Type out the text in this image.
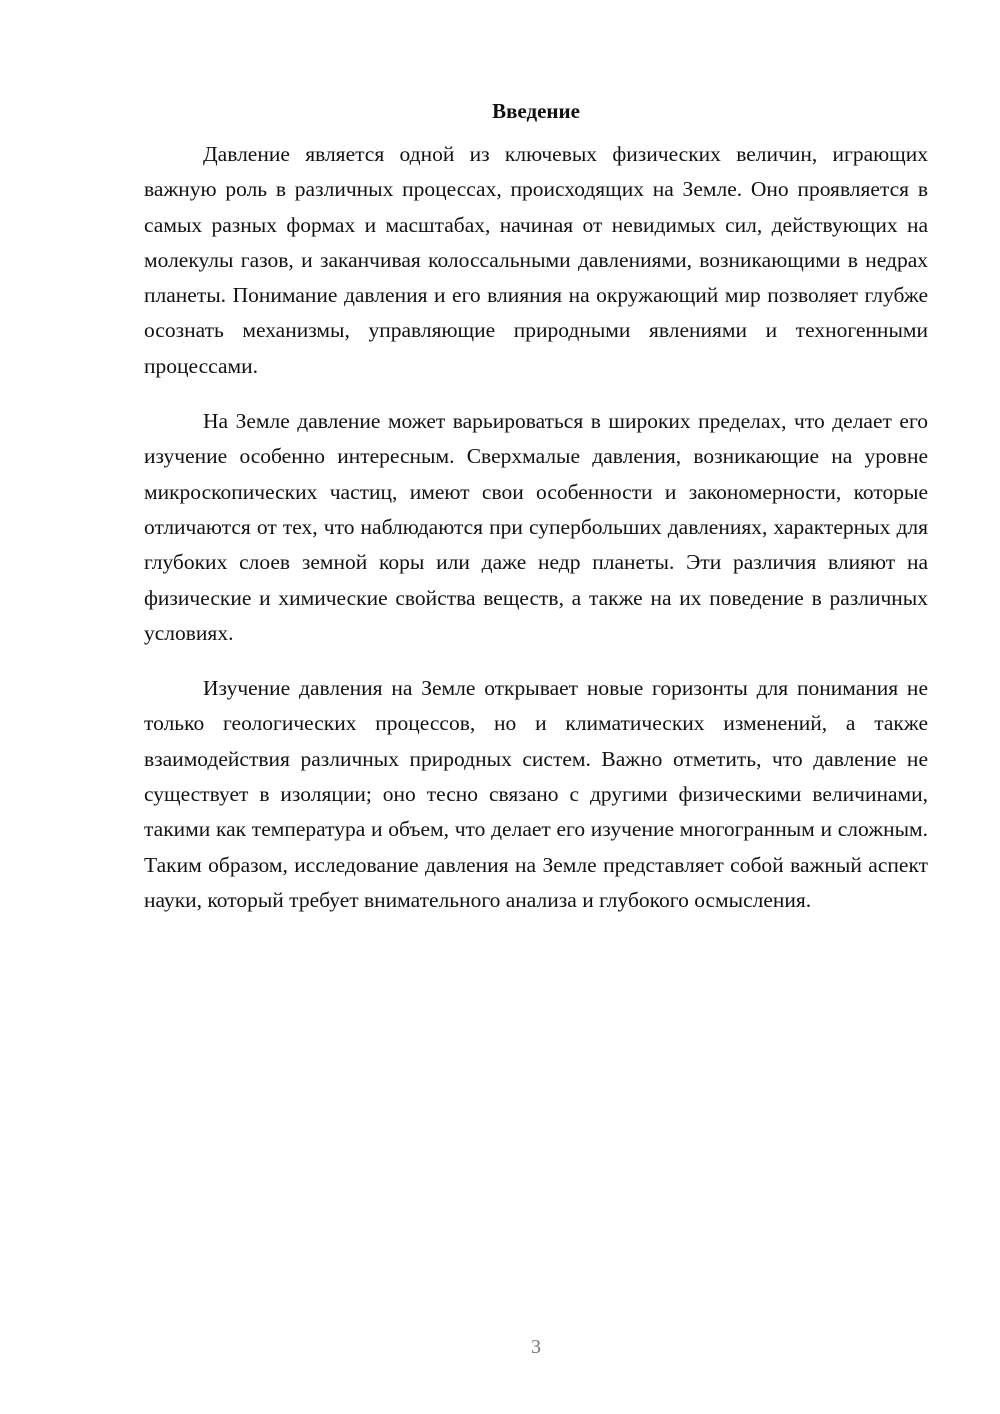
Введение

Давление является одной из ключевых физических величин, играющих важную роль в различных процессах, происходящих на Земле. Оно проявляется в самых разных формах и масштабах, начиная от невидимых сил, действующих на молекулы газов, и заканчивая колоссальными давлениями, возникающими в недрах планеты. Понимание давления и его влияния на окружающий мир позволяет глубже осознать механизмы, управляющие природными явлениями и техногенными процессами.

На Земле давление может варьироваться в широких пределах, что делает его изучение особенно интересным. Сверхмалые давления, возникающие на уровне микроскопических частиц, имеют свои особенности и закономерности, которые отличаются от тех, что наблюдаются при супербольших давлениях, характерных для глубоких слоев земной коры или даже недр планеты. Эти различия влияют на физические и химические свойства веществ, а также на их поведение в различных условиях.

Изучение давления на Земле открывает новые горизонты для понимания не только геологических процессов, но и климатических изменений, а также взаимодействия различных природных систем. Важно отметить, что давление не существует в изоляции; оно тесно связано с другими физическими величинами, такими как температура и объем, что делает его изучение многогранным и сложным. Таким образом, исследование давления на Земле представляет собой важный аспект науки, который требует внимательного анализа и глубокого осмысления.

3
